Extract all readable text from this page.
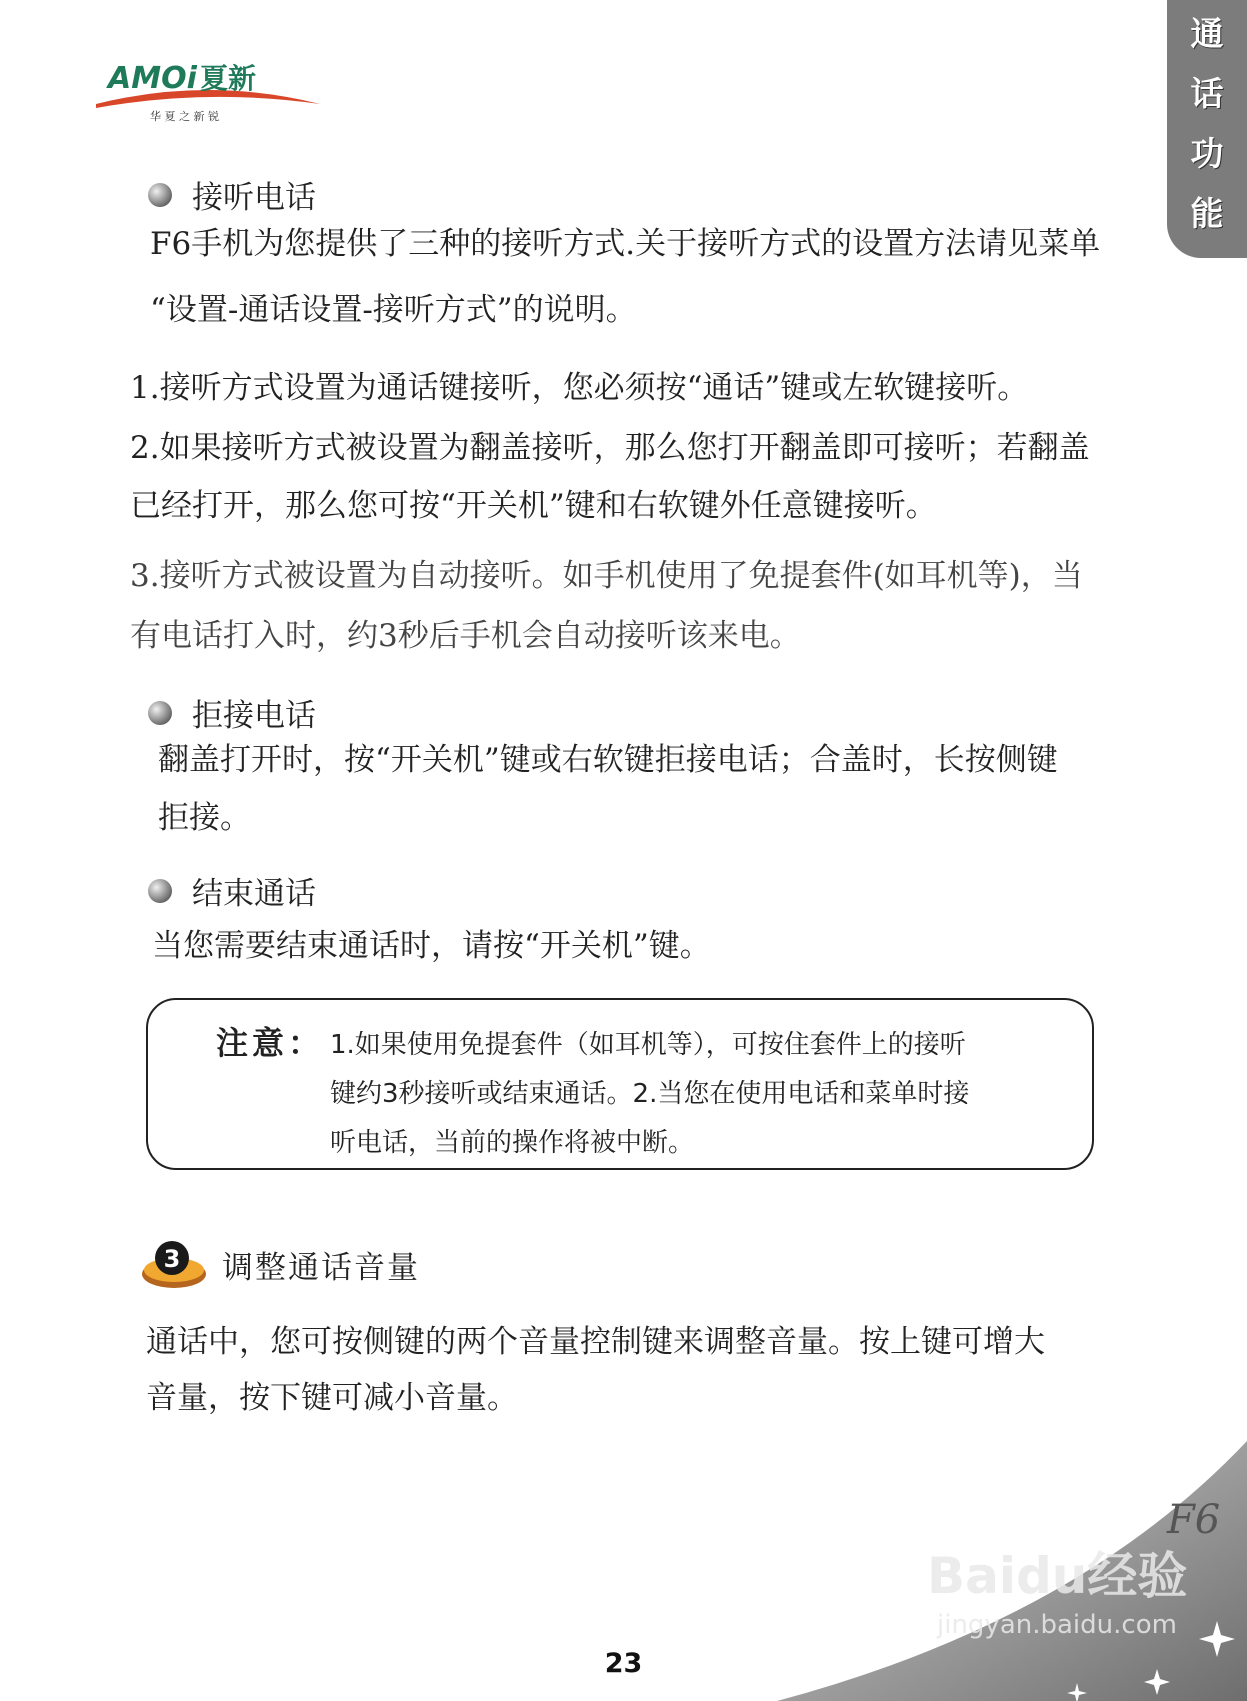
AMOi 夏新
华 夏 之 新 锐
通
话
功
能
接听电话
F6手机为您提供了三种的接听方式.关于接听方式的设置方法请见菜单
“设置-通话设置-接听方式”的说明。
1.接听方式设置为通话键接听，您必须按“通话”键或左软键接听。
2.如果接听方式被设置为翻盖接听，那么您打开翻盖即可接听；若翻盖
已经打开，那么您可按“开关机”键和右软键外任意键接听。
3.接听方式被设置为自动接听。如手机使用了免提套件(如耳机等)，当
有电话打入时，约3秒后手机会自动接听该来电。
拒接电话
翻盖打开时，按“开关机”键或右软键拒接电话；合盖时，长按侧键
拒接。
结束通话
当您需要结束通话时，请按“开关机”键。
注意： 1.如果使用免提套件（如耳机等），可按住套件上的接听
键约3秒接听或结束通话。2.当您在使用电话和菜单时接
听电话，当前的操作将被中断。
3 调整通话音量
通话中，您可按侧键的两个音量控制键来调整音量。按上键可增大
音量，按下键可减小音量。
F6
Baidu经验
jingyan.baidu.com
23
